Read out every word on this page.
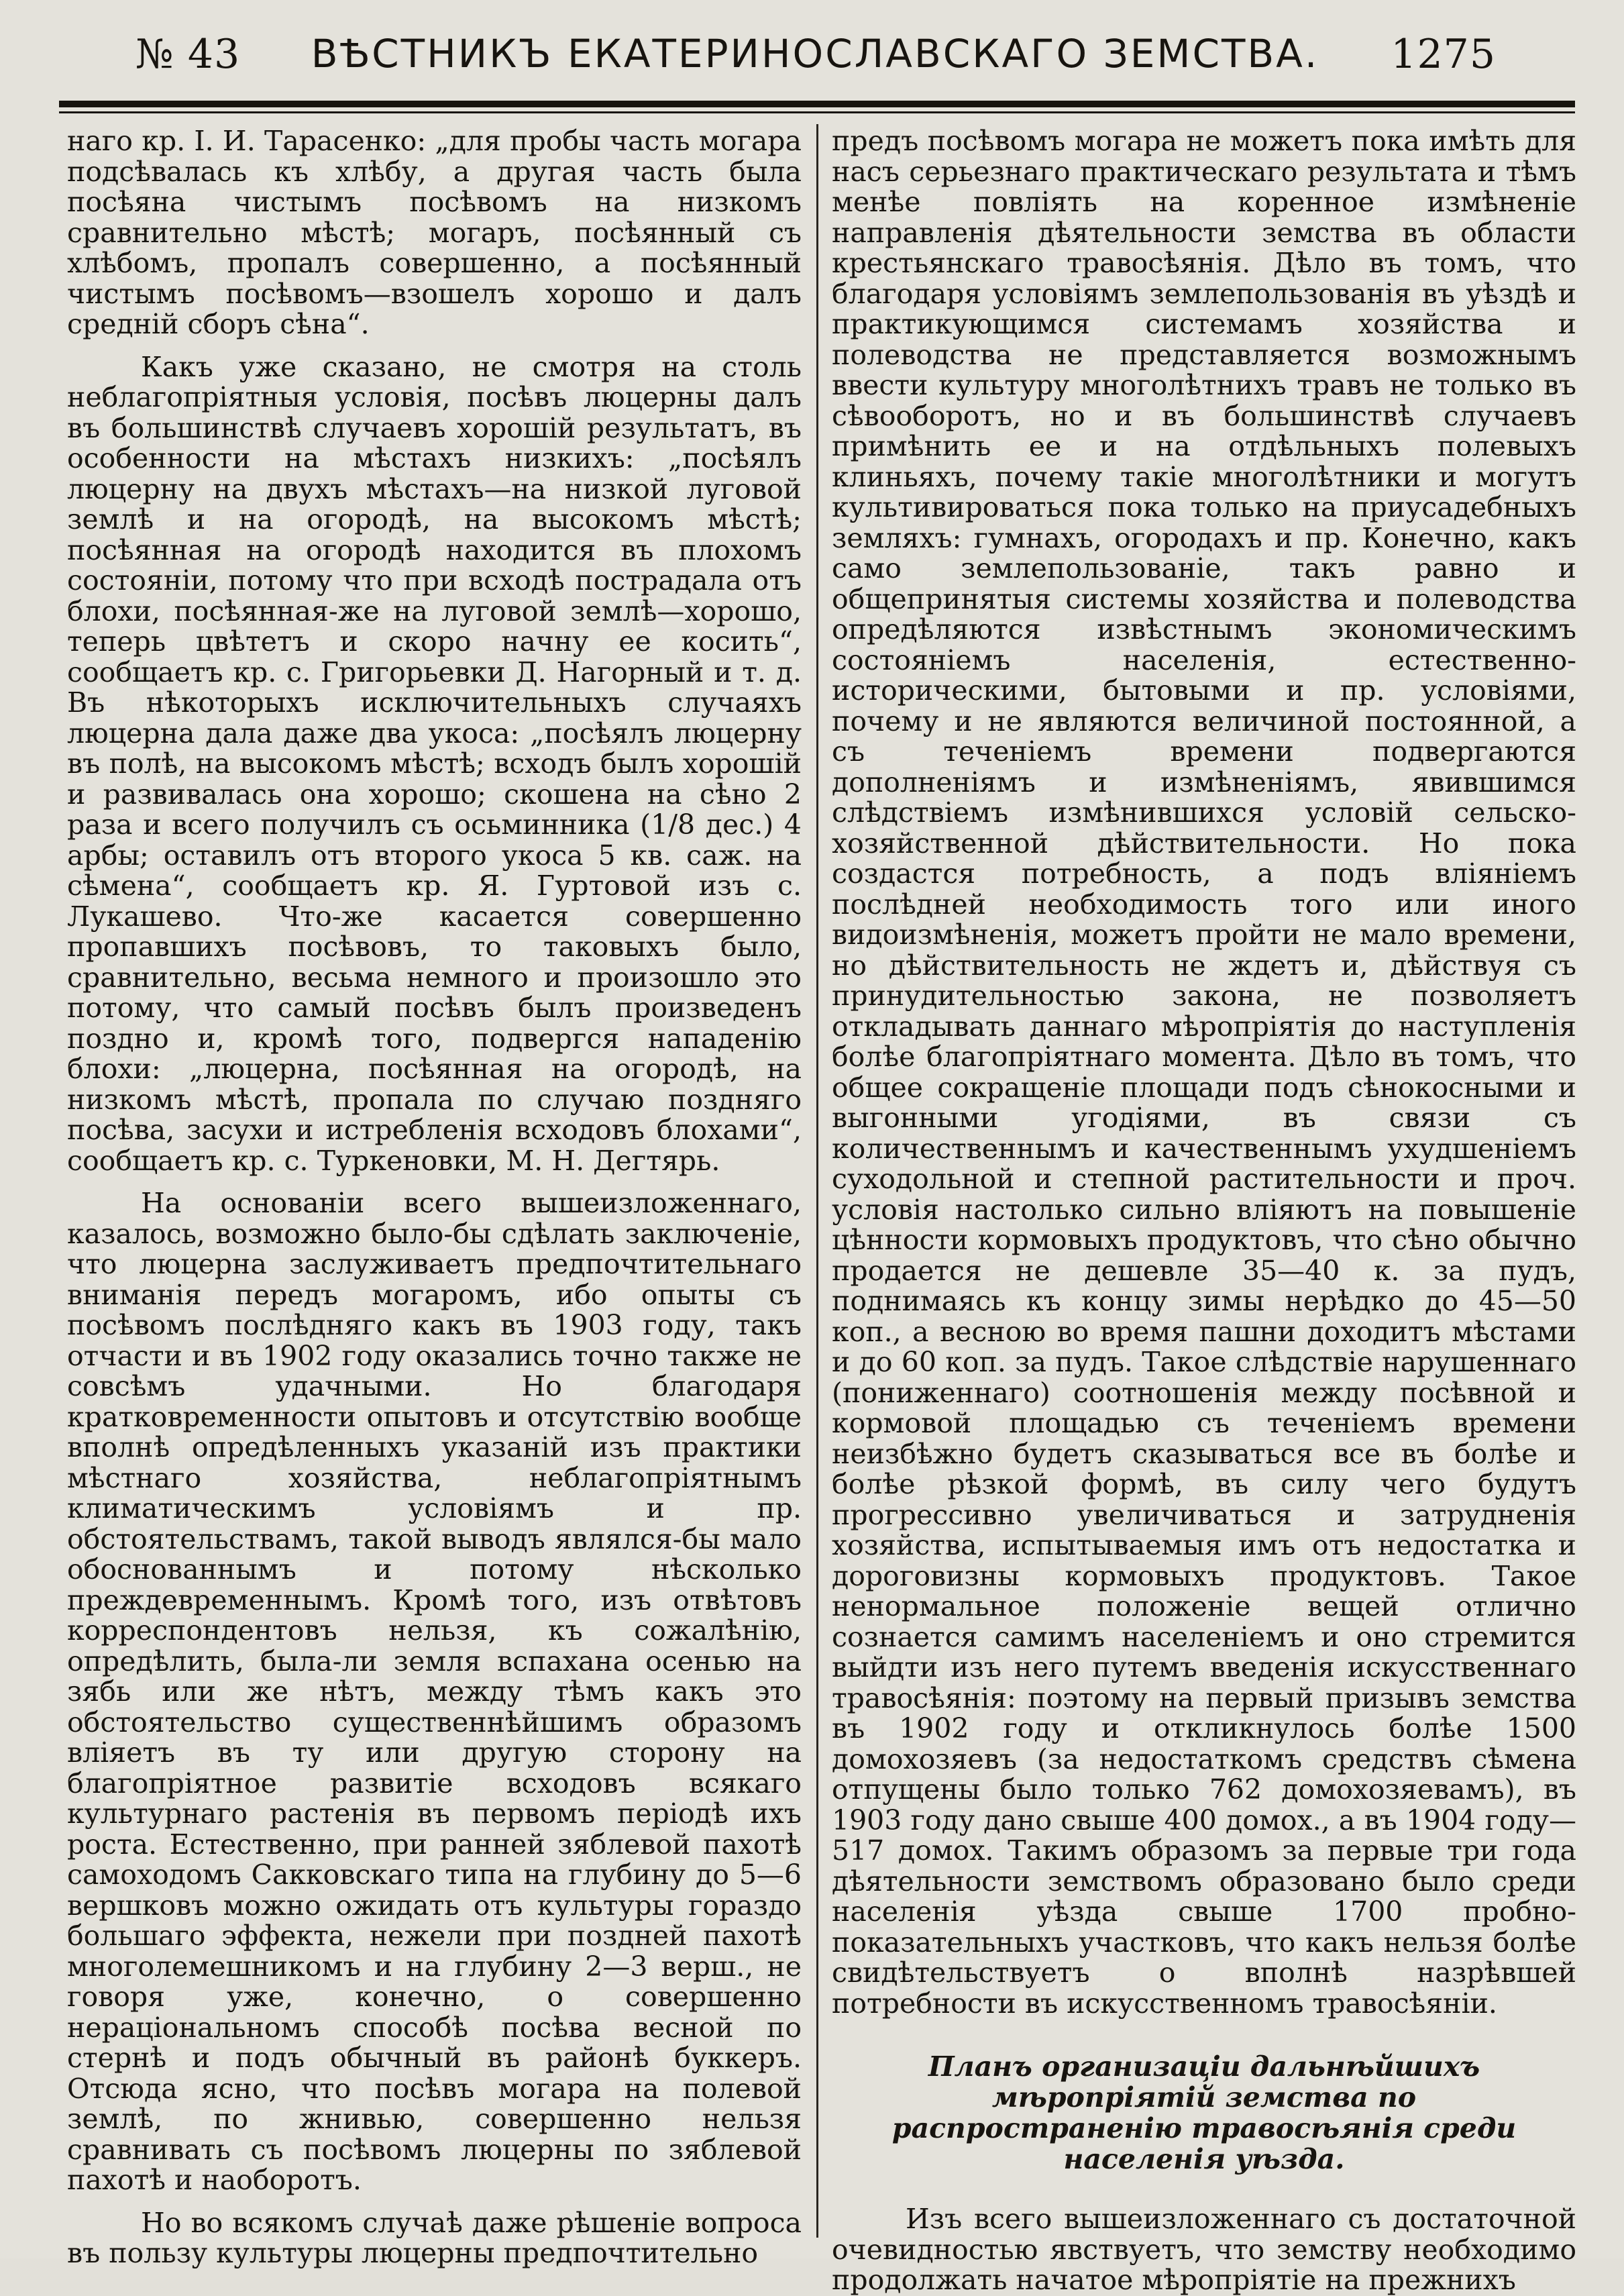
№ 43	ВѢСТНИКЪ ЕКАТЕРИНОСЛАВСКАГО ЗЕМСТВА.	1275

наго кр. І. И. Тарасенко: „для пробы часть могара подсѣвалась къ хлѣбу, а другая часть была посѣяна чистымъ посѣвомъ на низкомъ сравнительно мѣстѣ; могаръ, посѣянный съ хлѣбомъ, пропалъ совершенно, а посѣянный чистымъ посѣвомъ—взошелъ хорошо и далъ средній сборъ сѣна“.

Какъ уже сказано, не смотря на столь неблагопріятныя условія, посѣвъ люцерны далъ въ большинствѣ случаевъ хорошій результатъ, въ особенности на мѣстахъ низкихъ: „посѣялъ люцерну на двухъ мѣстахъ—на низкой луговой землѣ и на огородѣ, на высокомъ мѣстѣ; посѣянная на огородѣ находится въ плохомъ состояніи, потому что при всходѣ пострадала отъ блохи, посѣянная-же на луговой землѣ—хорошо, теперь цвѣтетъ и скоро начну ее косить“, сообщаетъ кр. с. Григорьевки Д. Нагорный и т. д. Въ нѣкоторыхъ исключительныхъ случаяхъ люцерна дала даже два укоса: „посѣялъ люцерну въ полѣ, на высокомъ мѣстѣ; всходъ былъ хорошій и развивалась она хорошо; скошена на сѣно 2 раза и всего получилъ съ осьминника (1/8 дес.) 4 арбы; оставилъ отъ второго укоса 5 кв. саж. на сѣмена“, сообщаетъ кр. Я. Гуртовой изъ с. Лукашево. Что-же касается совершенно пропавшихъ посѣвовъ, то таковыхъ было, сравнительно, весьма немного и произошло это потому, что самый посѣвъ былъ произведенъ поздно и, кромѣ того, подвергся нападенію блохи: „люцерна, посѣянная на огородѣ, на низкомъ мѣстѣ, пропала по случаю поздняго посѣва, засухи и истребленія всходовъ блохами“, сообщаетъ кр. с. Туркеновки, М. Н. Дегтярь.

На основаніи всего вышеизложеннаго, казалось, возможно было-бы сдѣлать заключеніе, что люцерна заслуживаетъ предпочтительнаго вниманія передъ могаромъ, ибо опыты съ посѣвомъ послѣдняго какъ въ 1903 году, такъ отчасти и въ 1902 году оказались точно также не совсѣмъ удачными. Но благодаря кратковременности опытовъ и отсутствію вообще вполнѣ опредѣленныхъ указаній изъ практики мѣстнаго хозяйства, неблагопріятнымъ климатическимъ условіямъ и пр. обстоятельствамъ, такой выводъ являлся-бы мало обоснованнымъ и потому нѣсколько преждевременнымъ. Кромѣ того, изъ отвѣтовъ корреспондентовъ нельзя, къ сожалѣнію, опредѣлить, была-ли земля вспахана осенью на зябь или же нѣтъ, между тѣмъ какъ это обстоятельство существеннѣйшимъ образомъ вліяетъ въ ту или другую сторону на благопріятное развитіе всходовъ всякаго культурнаго растенія въ первомъ періодѣ ихъ роста. Естественно, при ранней зяблевой пахотѣ самоходомъ Сакковскаго типа на глубину до 5—6 вершковъ можно ожидать отъ культуры гораздо большаго эффекта, нежели при поздней пахотѣ многолемешникомъ и на глубину 2—3 верш., не говоря уже, конечно, о совершенно нераціональномъ способѣ посѣва весной по стернѣ и подъ обычный въ районѣ буккеръ. Отсюда ясно, что посѣвъ могара на полевой землѣ, по жнивью, совершенно нельзя сравнивать съ посѣвомъ люцерны по зяблевой пахотѣ и наоборотъ.

Но во всякомъ случаѣ даже рѣшеніе вопроса въ пользу культуры люцерны предпочтительно

предъ посѣвомъ могара не можетъ пока имѣть для насъ серьезнаго практическаго результата и тѣмъ менѣе повліять на коренное измѣненіе направленія дѣятельности земства въ области крестьянскаго травосѣянія. Дѣло въ томъ, что благодаря условіямъ землепользованія въ уѣздѣ и практикующимся системамъ хозяйства и полеводства не представляется возможнымъ ввести культуру многолѣтнихъ травъ не только въ сѣвооборотъ, но и въ большинствѣ случаевъ примѣнить ее и на отдѣльныхъ полевыхъ клиньяхъ, почему такіе многолѣтники и могутъ культивироваться пока только на приусадебныхъ земляхъ: гумнахъ, огородахъ и пр. Конечно, какъ само землепользованіе, такъ равно и общепринятыя системы хозяйства и полеводства опредѣляются извѣстнымъ экономическимъ состояніемъ населенія, естественно-историческими, бытовыми и пр. условіями, почему и не являются величиной постоянной, а съ теченіемъ времени подвергаются дополненіямъ и измѣненіямъ, явившимся слѣдствіемъ измѣнившихся условій сельско-хозяйственной дѣйствительности. Но пока создастся потребность, а подъ вліяніемъ послѣдней необходимость того или иного видоизмѣненія, можетъ пройти не мало времени, но дѣйствительность не ждетъ и, дѣйствуя съ принудительностью закона, не позволяетъ откладывать даннаго мѣропріятія до наступленія болѣе благопріятнаго момента. Дѣло въ томъ, что общее сокращеніе площади подъ сѣнокосными и выгонными угодіями, въ связи съ количественнымъ и качественнымъ ухудшеніемъ суходольной и степной растительности и проч. условія настолько сильно вліяютъ на повышеніе цѣнности кормовыхъ продуктовъ, что сѣно обычно продается не дешевле 35—40 к. за пудъ, поднимаясь къ концу зимы нерѣдко до 45—50 коп., а весною во время пашни доходитъ мѣстами и до 60 коп. за пудъ. Такое слѣдствіе нарушеннаго (пониженнаго) соотношенія между посѣвной и кормовой площадью съ теченіемъ времени неизбѣжно будетъ сказываться все въ болѣе и болѣе рѣзкой формѣ, въ силу чего будутъ прогрессивно увеличиваться и затрудненія хозяйства, испытываемыя имъ отъ недостатка и дороговизны кормовыхъ продуктовъ. Такое ненормальное положеніе вещей отлично сознается самимъ населеніемъ и оно стремится выйдти изъ него путемъ введенія искусственнаго травосѣянія: поэтому на первый призывъ земства въ 1902 году и откликнулось болѣе 1500 домохозяевъ (за недостаткомъ средствъ сѣмена отпущены было только 762 домохозяевамъ), въ 1903 году дано свыше 400 домох., а въ 1904 году—517 домох. Такимъ образомъ за первые три года дѣятельности земствомъ образовано было среди населенія уѣзда свыше 1700 пробно-показательныхъ участковъ, что какъ нельзя болѣе свидѣтельствуетъ о вполнѣ назрѣвшей потребности въ искусственномъ травосѣяніи.

Планъ организаціи дальнѣйшихъ мѣропріятій земства по распространенію травосѣянія среди населенія уѣзда.

Изъ всего вышеизложеннаго съ достаточной очевидностью явствуетъ, что земству необходимо продолжать начатое мѣропріятіе на прежнихъ
